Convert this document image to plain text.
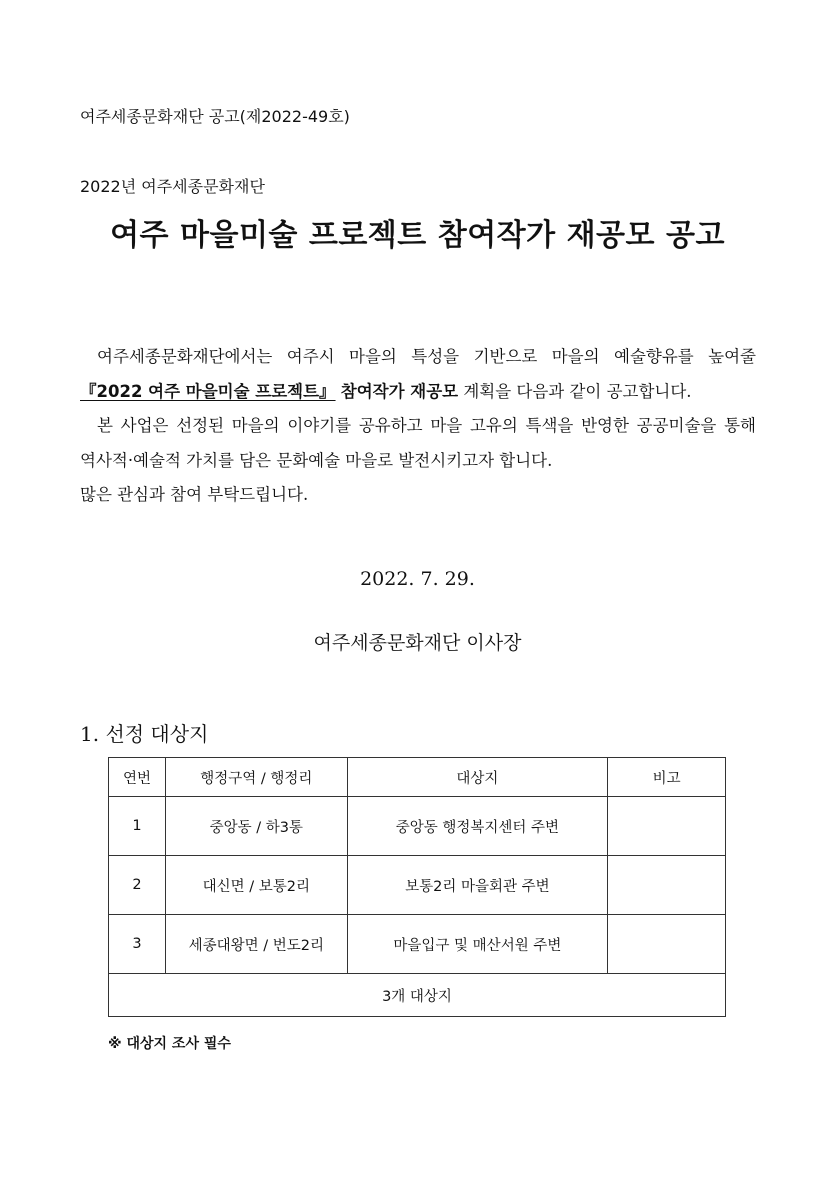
여주세종문화재단 공고(제2022-49호)
2022년 여주세종문화재단
여주 마을미술 프로젝트 참여작가 재공모 공고

여주세종문화재단에서는 여주시 마을의 특성을 기반으로 마을의 예술향유를 높여줄 『2022 여주 마을미술 프로젝트』 참여작가 재공모 계획을 다음과 같이 공고합니다.

본 사업은 선정된 마을의 이야기를 공유하고 마을 고유의 특색을 반영한 공공미술을 통해 역사적·예술적 가치를 담은 문화예술 마을로 발전시키고자 합니다.

많은 관심과 참여 부탁드립니다.

2022. 7. 29.
여주세종문화재단 이사장
1. 선정 대상지
연번	행정구역 / 행정리	대상지	비고
1	중앙동 / 하3통	중앙동 행정복지센터 주변	
2	대신면 / 보통2리	보통2리 마을회관 주변	
3	세종대왕면 / 번도2리	마을입구 및 매산서원 주변	
3개 대상지			
※ 대상지 조사 필수
